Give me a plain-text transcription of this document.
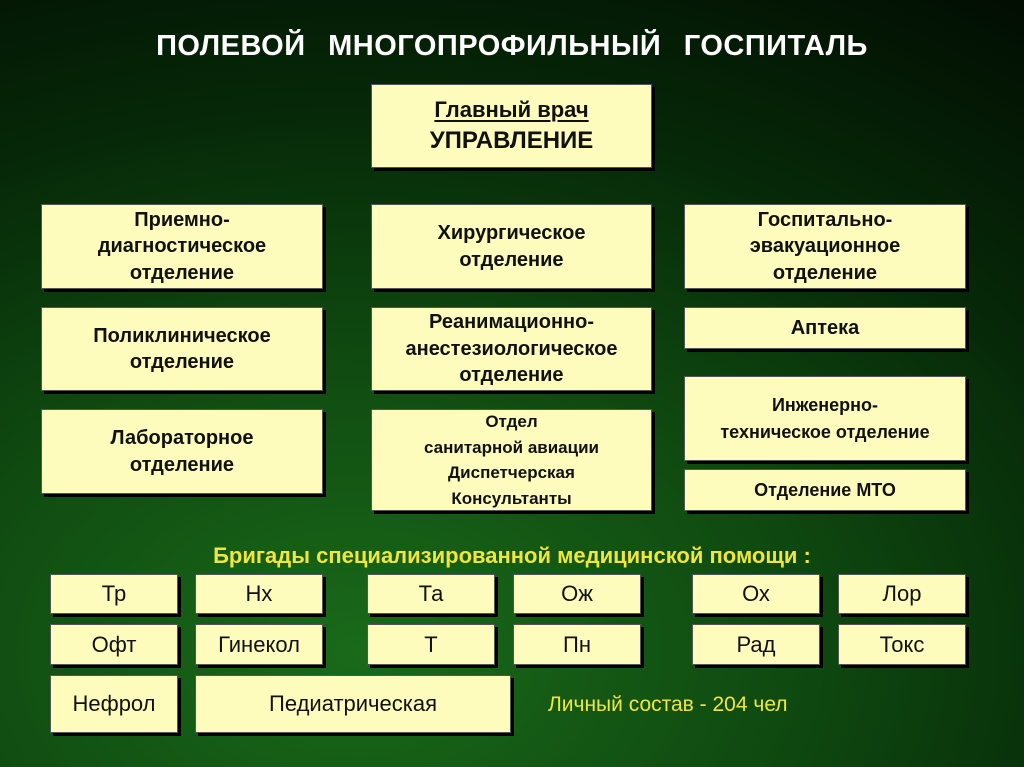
ПОЛЕВОЙ МНОГОПРОФИЛЬНЫЙ ГОСПИТАЛЬ
Главный врач
УПРАВЛЕНИЕ
Приемно-
диагностическое
отделение
Поликлиническое
отделение
Лабораторное
отделение
Хирургическое
отделение
Реанимационно-
анестезиологическое
отделение
Отдел
санитарной авиации
Диспетчерская
Консультанты
Госпитально-
эвакуационное
отделение
Аптека
Инженерно-
техническое отделение
Отделение МТО
Бригады специализированной медицинской помощи :
Тр	Нх	Та	Ож	Ох	Лор
Офт	Гинекол	Т	Пн	Рад	Токс
Нефрол	Педиатрическая	Личный состав - 204 чел
